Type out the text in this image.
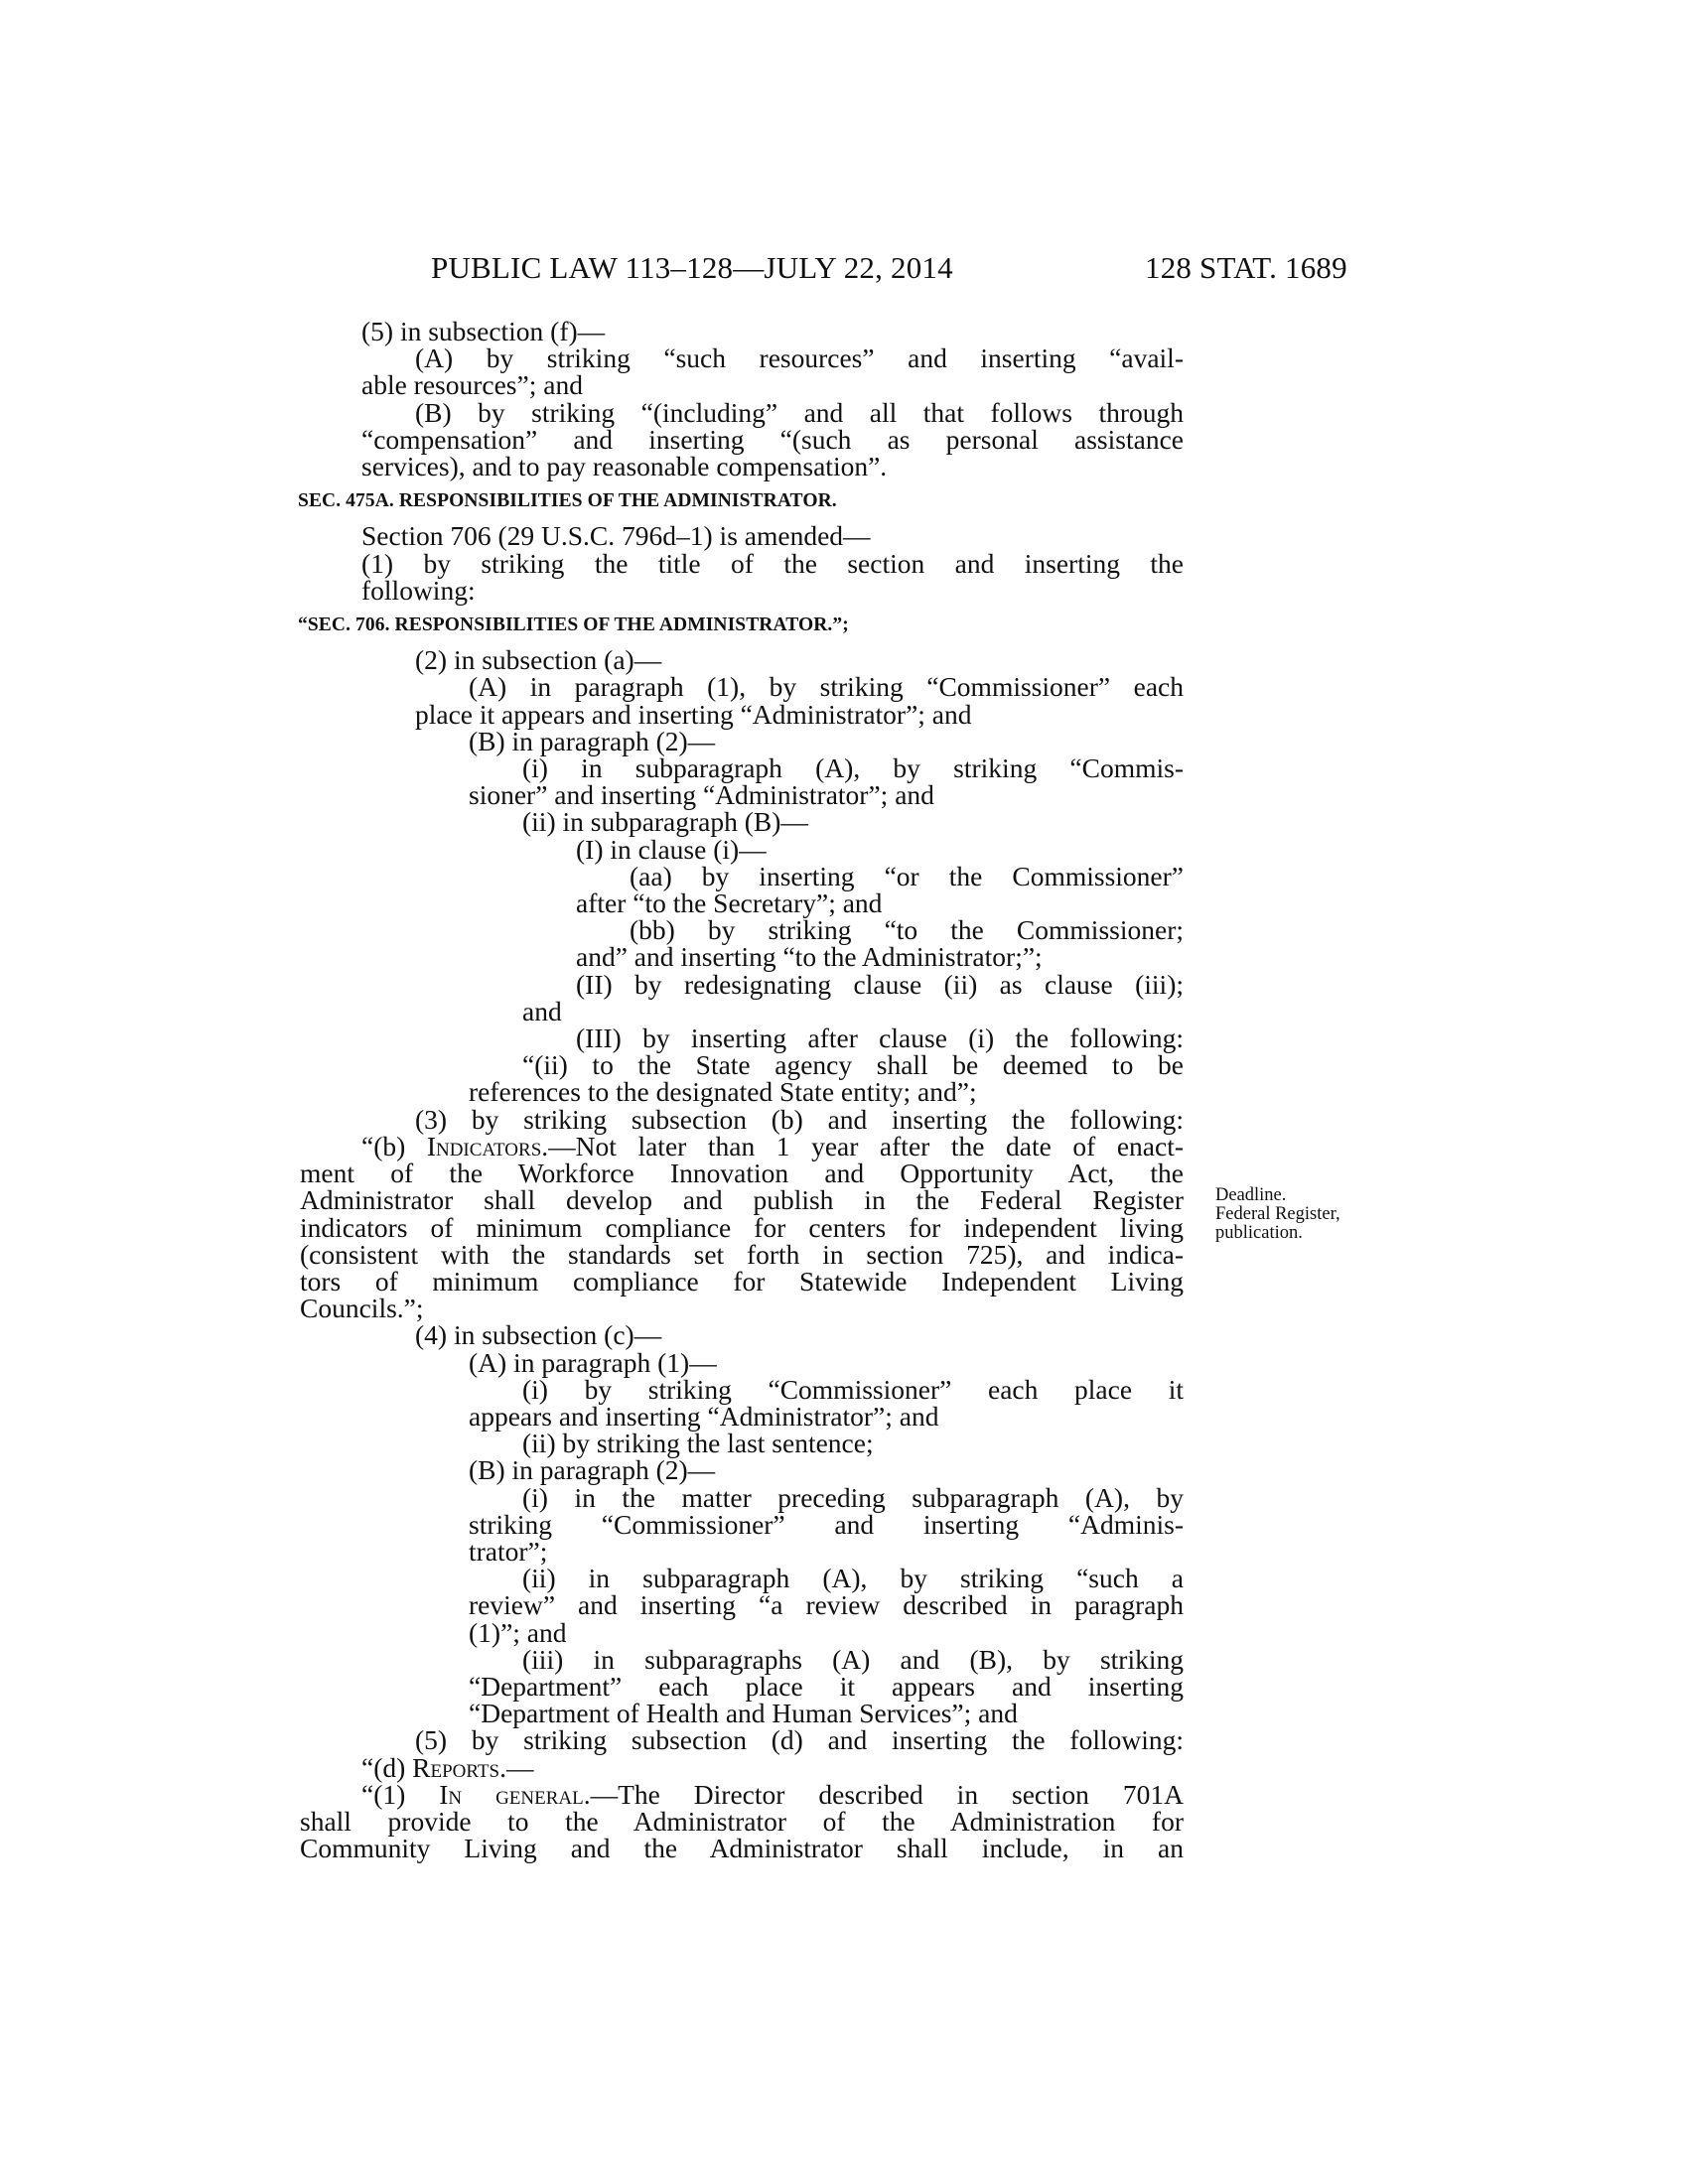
PUBLIC LAW 113–128—JULY 22, 2014	128 STAT. 1689
(5) in subsection (f)—
(A) by striking “such resources” and inserting “avail-
able resources”; and
(B) by striking “(including” and all that follows through
“compensation” and inserting “(such as personal assistance
services), and to pay reasonable compensation”.
SEC. 475A. RESPONSIBILITIES OF THE ADMINISTRATOR.
Section 706 (29 U.S.C. 796d–1) is amended—
(1) by striking the title of the section and inserting the
following:
“SEC. 706. RESPONSIBILITIES OF THE ADMINISTRATOR.”;
(2) in subsection (a)—
(A) in paragraph (1), by striking “Commissioner” each
place it appears and inserting “Administrator”; and
(B) in paragraph (2)—
(i) in subparagraph (A), by striking “Commis-
sioner” and inserting “Administrator”; and
(ii) in subparagraph (B)—
(I) in clause (i)—
(aa) by inserting “or the Commissioner”
after “to the Secretary”; and
(bb) by striking “to the Commissioner;
and” and inserting “to the Administrator;”;
(II) by redesignating clause (ii) as clause (iii);
and
(III) by inserting after clause (i) the following:
“(ii) to the State agency shall be deemed to be
references to the designated State entity; and”;
(3) by striking subsection (b) and inserting the following:
“(b) Indicators.—Not later than 1 year after the date of enact-
ment of the Workforce Innovation and Opportunity Act, the
Administrator shall develop and publish in the Federal Register
indicators of minimum compliance for centers for independent living
(consistent with the standards set forth in section 725), and indica-
tors of minimum compliance for Statewide Independent Living
Councils.”;
(4) in subsection (c)—
(A) in paragraph (1)—
(i) by striking “Commissioner” each place it
appears and inserting “Administrator”; and
(ii) by striking the last sentence;
(B) in paragraph (2)—
(i) in the matter preceding subparagraph (A), by
striking “Commissioner” and inserting “Adminis-
trator”;
(ii) in subparagraph (A), by striking “such a
review” and inserting “a review described in paragraph
(1)”; and
(iii) in subparagraphs (A) and (B), by striking
“Department” each place it appears and inserting
“Department of Health and Human Services”; and
(5) by striking subsection (d) and inserting the following:
“(d) Reports.—
“(1) In general.—The Director described in section 701A
shall provide to the Administrator of the Administration for
Community Living and the Administrator shall include, in an
Deadline.
Federal Register,
publication.
